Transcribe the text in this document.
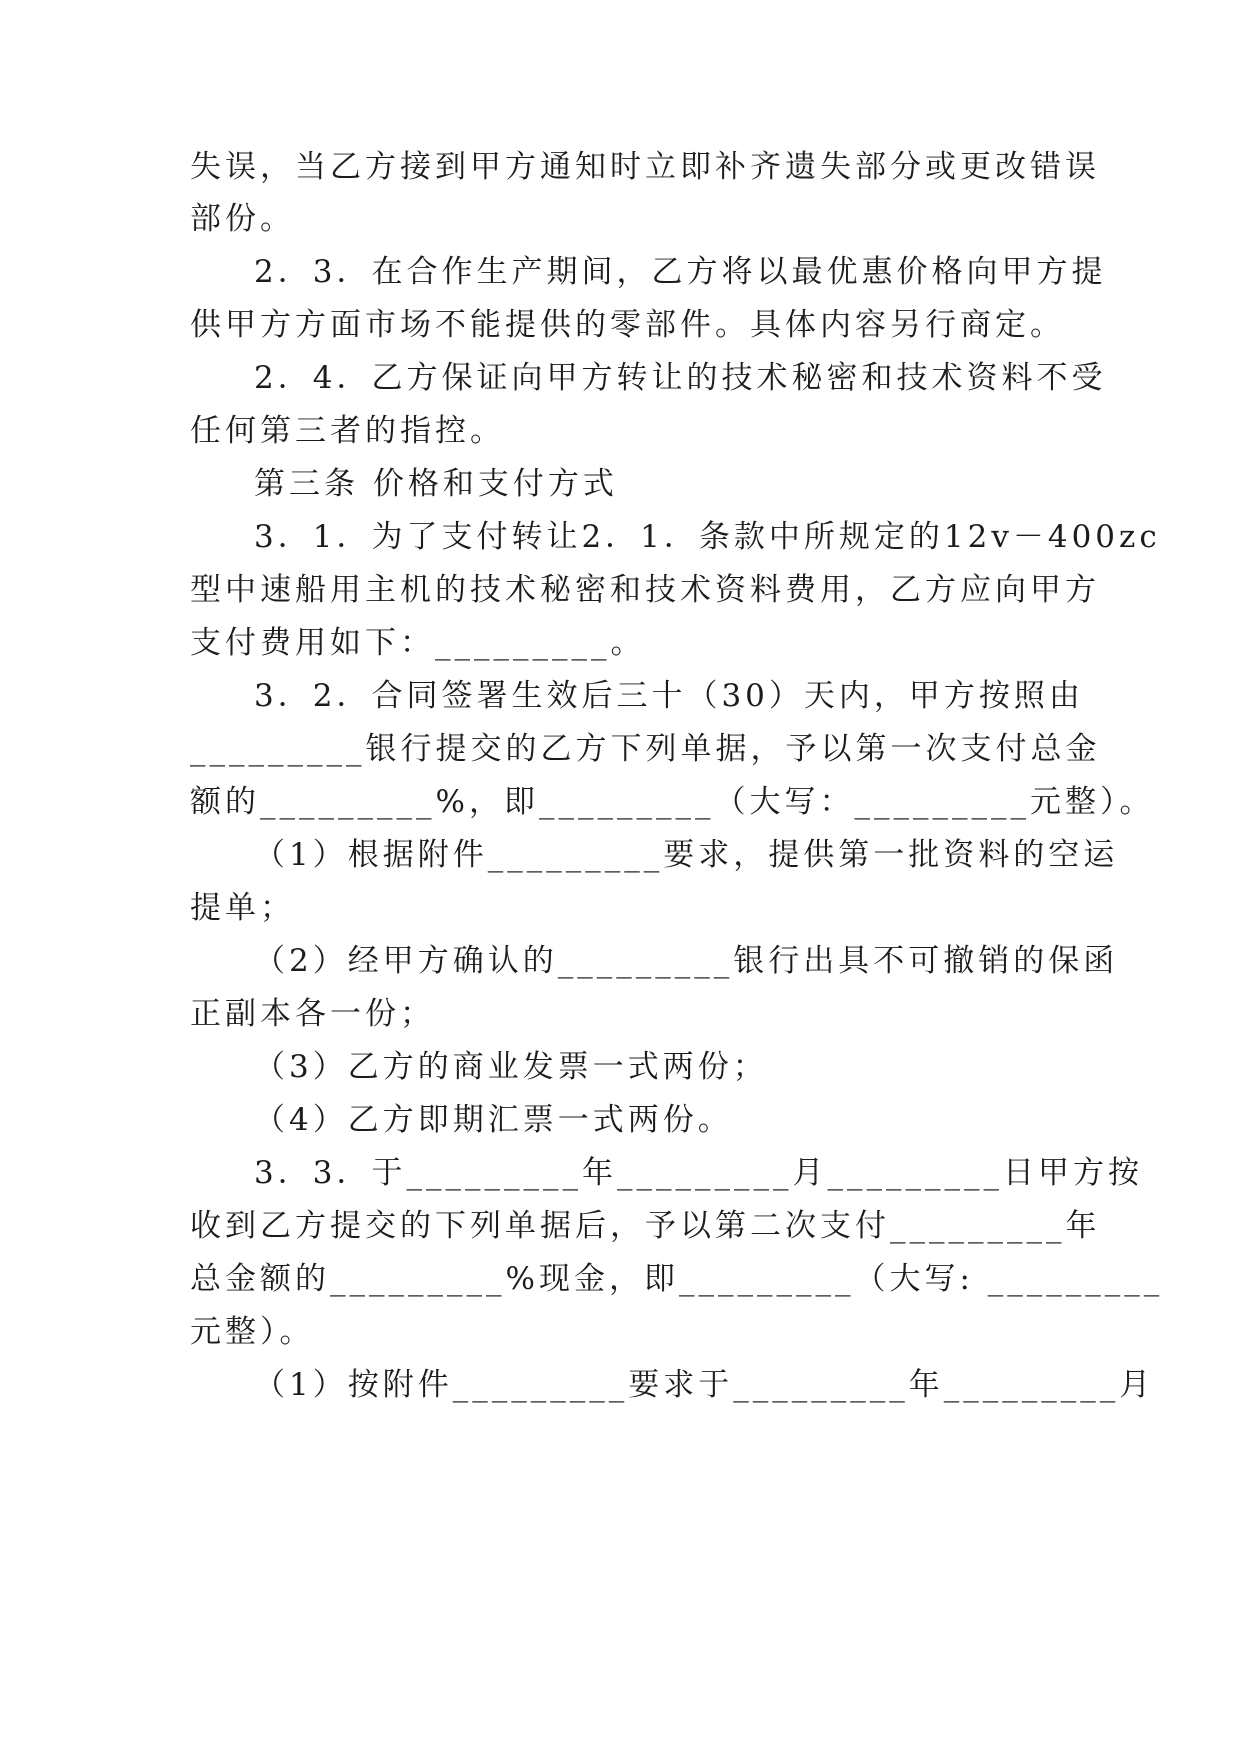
失误，当乙方接到甲方通知时立即补齐遗失部分或更改错误
部份。
2．3．在合作生产期间，乙方将以最优惠价格向甲方提
供甲方方面市场不能提供的零部件。具体内容另行商定。
2．4．乙方保证向甲方转让的技术秘密和技术资料不受
任何第三者的指控。
第三条 价格和支付方式
3．1．为了支付转让2．1．条款中所规定的12v－400zc
型中速船用主机的技术秘密和技术资料费用，乙方应向甲方
支付费用如下：_________。
3．2．合同签署生效后三十（30）天内，甲方按照由
_________银行提交的乙方下列单据，予以第一次支付总金
额的_________%，即_________（大写：_________元整）。
（1）根据附件_________要求，提供第一批资料的空运
提单；
（2）经甲方确认的_________银行出具不可撤销的保函
正副本各一份；
（3）乙方的商业发票一式两份；
（4）乙方即期汇票一式两份。
3．3．于_________年_________月_________日甲方按
收到乙方提交的下列单据后，予以第二次支付_________年
总金额的_________%现金，即_________（大写: _________
元整）。
（1）按附件_________要求于_________年_________月
